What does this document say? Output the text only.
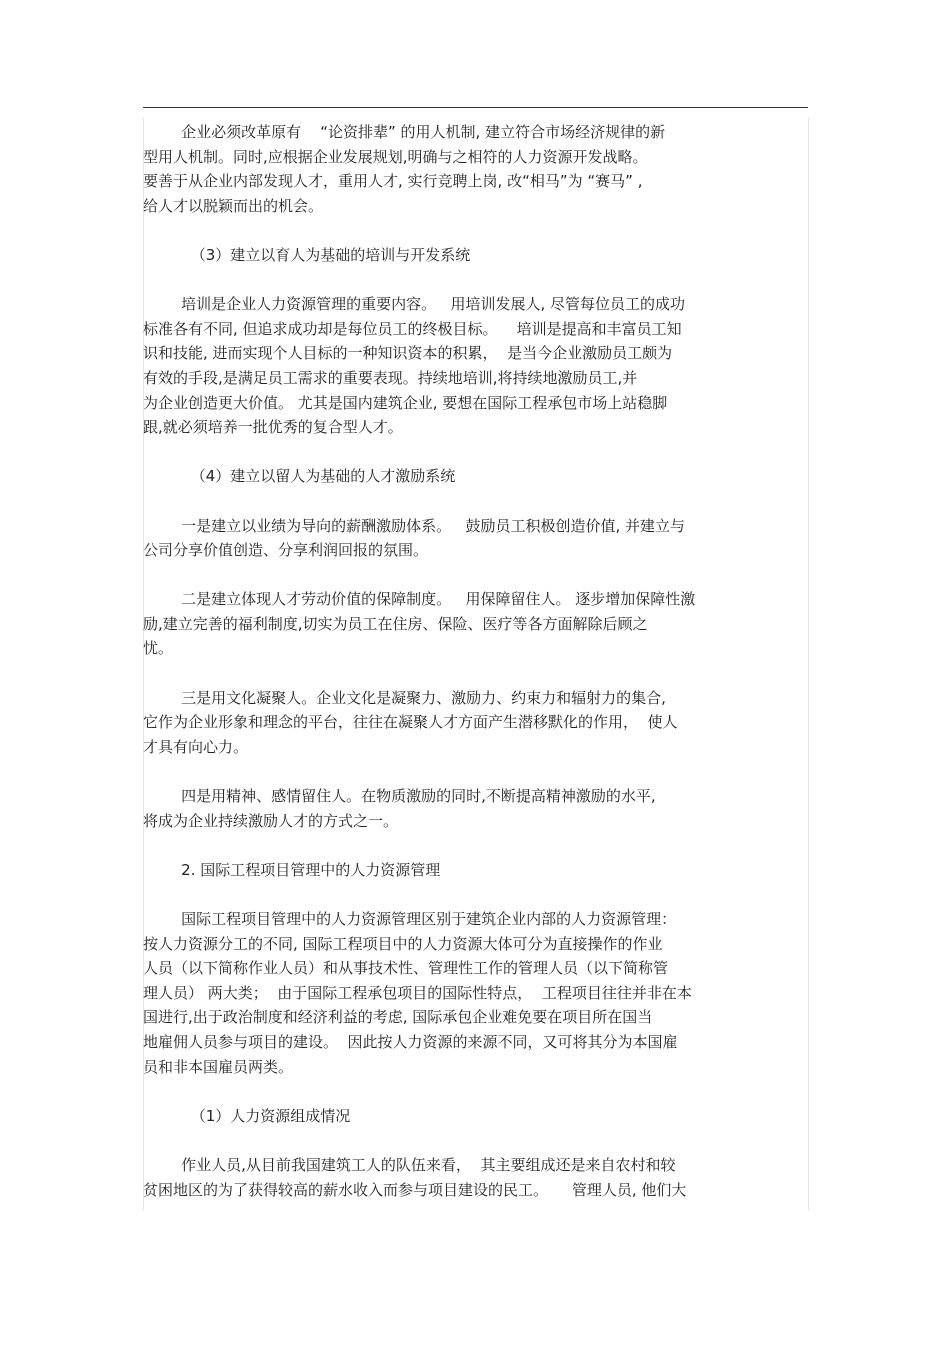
企业必须改革原有    “论资排辈” 的用人机制, 建立符合市场经济规律的新

型用人机制。同时,应根据企业发展规划,明确与之相符的人力资源开发战略。

要善于从企业内部发现人才，重用人才, 实行竞聘上岗, 改“相马”为 “赛马” ,

给人才以脱颖而出的机会。

（3）建立以育人为基础的培训与开发系统

培训是企业人力资源管理的重要内容。   用培训发展人, 尽管每位员工的成功

标准各有不同, 但追求成功却是每位员工的终极目标。    培训是提高和丰富员工知

识和技能, 进而实现个人目标的一种知识资本的积累，  是当今企业激励员工颇为

有效的手段,是满足员工需求的重要表现。持续地培训,将持续地激励员工,并

为企业创造更大价值。 尤其是国内建筑企业, 要想在国际工程承包市场上站稳脚

跟,就必须培养一批优秀的复合型人才。

（4）建立以留人为基础的人才激励系统

一是建立以业绩为导向的薪酬激励体系。   鼓励员工积极创造价值, 并建立与

公司分享价值创造、分享利润回报的氛围。

二是建立体现人才劳动价值的保障制度。   用保障留住人。 逐步增加保障性激

励,建立完善的福利制度,切实为员工在住房、保险、医疗等各方面解除后顾之

忧。

三是用文化凝聚人。企业文化是凝聚力、激励力、约束力和辐射力的集合,

它作为企业形象和理念的平台，往往在凝聚人才方面产生潜移默化的作用，  使人

才具有向心力。

四是用精神、感情留住人。在物质激励的同时,不断提高精神激励的水平,

将成为企业持续激励人才的方式之一。

2. 国际工程项目管理中的人力资源管理

国际工程项目管理中的人力资源管理区别于建筑企业内部的人力资源管理：

按人力资源分工的不同, 国际工程项目中的人力资源大体可分为直接操作的作业

人员（以下简称作业人员）和从事技术性、管理性工作的管理人员（以下简称管

理人员） 两大类；  由于国际工程承包项目的国际性特点，  工程项目往往并非在本

国进行,出于政治制度和经济利益的考虑, 国际承包企业难免要在项目所在国当

地雇佣人员参与项目的建设。  因此按人力资源的来源不同，又可将其分为本国雇

员和非本国雇员两类。

（1）人力资源组成情况

作业人员,从目前我国建筑工人的队伍来看，  其主要组成还是来自农村和较

贫困地区的为了获得较高的薪水收入而参与项目建设的民工。     管理人员, 他们大
